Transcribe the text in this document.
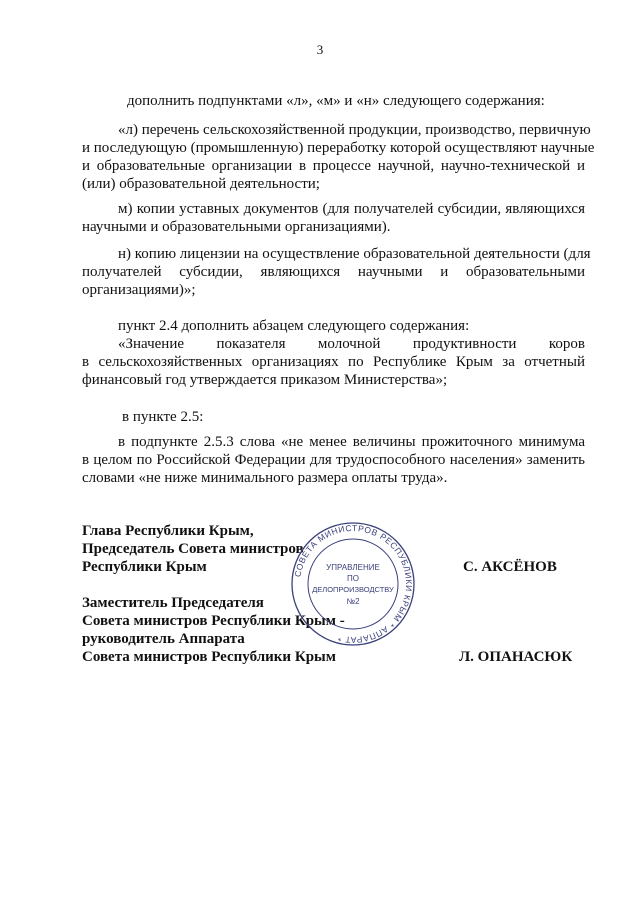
3
дополнить подпунктами «л», «м» и «н» следующего содержания:
«л) перечень сельскохозяйственной продукции, производство, первичную
и последующую (промышленную) переработку которой осуществляют научные
и образовательные организации в процессе научной, научно-технической и
(или) образовательной деятельности;
м) копии уставных документов (для получателей субсидии, являющихся
научными и образовательными организациями).
н) копию лицензии на осуществление образовательной деятельности (для
получателей субсидии, являющихся научными и образовательными
организациями)»;
пункт 2.4 дополнить абзацем следующего содержания:
«Значение показателя молочной продуктивности коров
в сельскохозяйственных организациях по Республике Крым за отчетный
финансовый год утверждается приказом Министерства»;
в пункте 2.5:
в подпункте 2.5.3 слова «не менее величины прожиточного минимума
в целом по Российской Федерации для трудоспособного населения» заменить
словами «не ниже минимального размера оплаты труда».
Глава Республики Крым,
Председатель Совета министров
Республики Крым	С. АКСЁНОВ
Заместитель Председателя
Совета министров Республики Крым -
руководитель Аппарата
Совета министров Республики Крым	Л. ОПАНАСЮК
СОВЕТА МИНИСТРОВ РЕСПУБЛИКИ КРЫМ * АППАРАТ *
УПРАВЛЕНИЕ
ПО
ДЕЛОПРОИЗВОДСТВУ
№2
